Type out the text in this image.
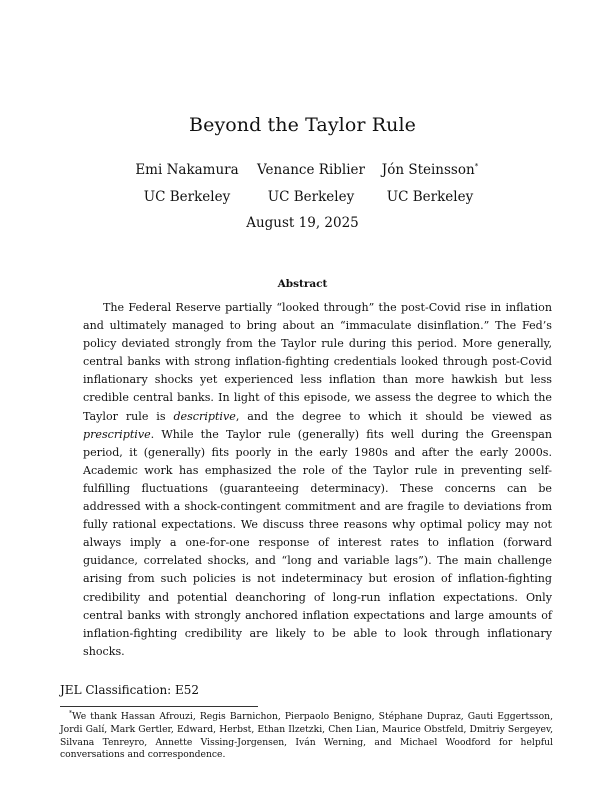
Beyond the Taylor Rule
Emi Nakamura
UC Berkeley
Venance Riblier
UC Berkeley
Jón Steinsson*
UC Berkeley
August 19, 2025
Abstract
The Federal Reserve partially “looked through” the post-Covid rise in inflation and ultimately managed to bring about an “immaculate disinflation.” The Fed’s policy deviated strongly from the Taylor rule during this period. More generally, central banks with strong inflation-fighting credentials looked through post-Covid inflationary shocks yet experienced less inflation than more hawkish but less credible central banks. In light of this episode, we assess the degree to which the Taylor rule is descriptive, and the degree to which it should be viewed as prescriptive. While the Taylor rule (generally) fits well during the Greenspan period, it (generally) fits poorly in the early 1980s and after the early 2000s. Academic work has emphasized the role of the Taylor rule in preventing self-fulfilling fluctuations (guaranteeing determinacy). These concerns can be addressed with a shock-contingent commitment and are fragile to deviations from fully rational expectations. We discuss three reasons why optimal policy may not always imply a one-for-one response of interest rates to inflation (forward guidance, correlated shocks, and “long and variable lags”). The main challenge arising from such policies is not indeterminacy but erosion of inflation-fighting credibility and potential deanchoring of long-run inflation expectations. Only central banks with strongly anchored inflation expectations and large amounts of inflation-fighting credibility are likely to be able to look through inflationary shocks.
JEL Classification: E52
*We thank Hassan Afrouzi, Regis Barnichon, Pierpaolo Benigno, Stéphane Dupraz, Gauti Eggertsson, Jordi Galí, Mark Gertler, Edward, Herbst, Ethan Ilzetzki, Chen Lian, Maurice Obstfeld, Dmitriy Sergeyev, Silvana Tenreyro, Annette Vissing-Jorgensen, Iván Werning, and Michael Woodford for helpful conversations and correspondence.
